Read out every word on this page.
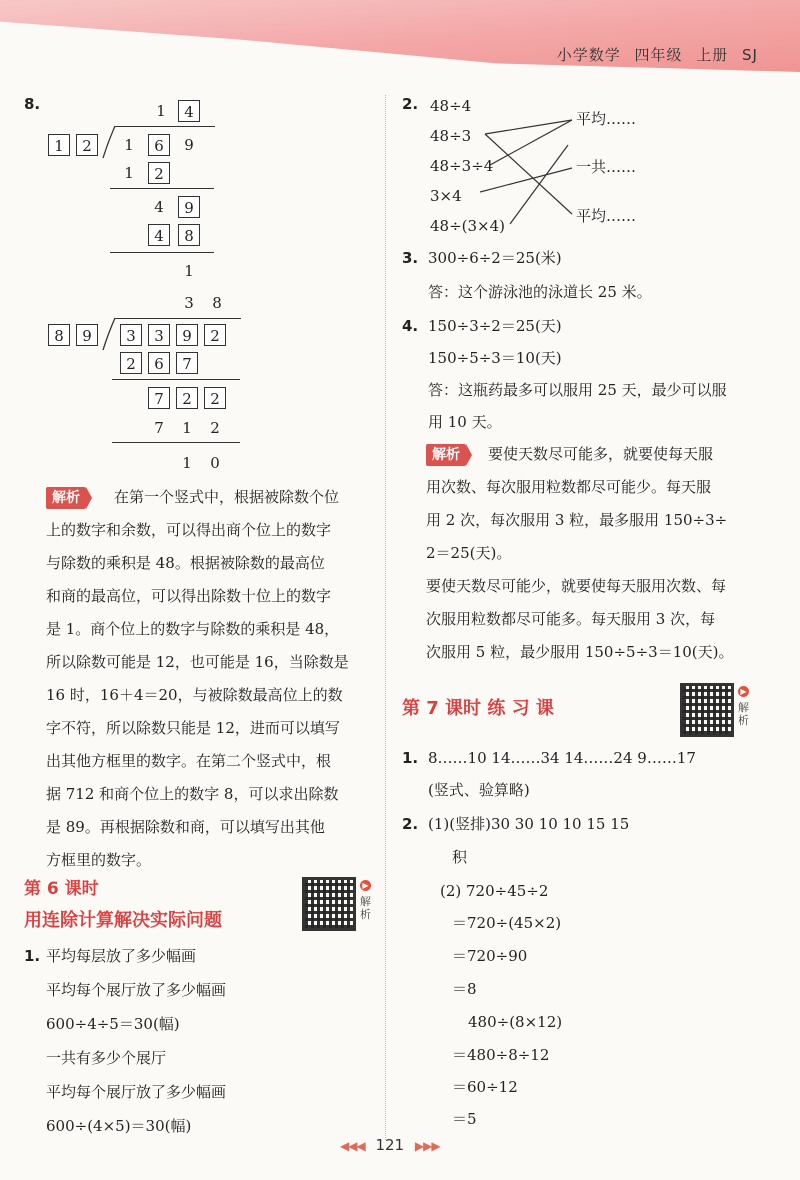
小学数学 四年级 上册 SJ
8.	1	4
1	2	1	6	9
1	2
4	9
4	8
1
3	8
8	9	3	3	9	2
2	6	7
7	2	2
7	1	2
1	0
解析	在第一个竖式中，根据被除数个位
上的数字和余数，可以得出商个位上的数字
与除数的乘积是 48。根据被除数的最高位
和商的最高位，可以得出除数十位上的数字
是 1。商个位上的数字与除数的乘积是 48，
所以除数可能是 12，也可能是 16，当除数是
16 时，16＋4＝20，与被除数最高位上的数
字不符，所以除数只能是 12，进而可以填写
出其他方框里的数字。在第二个竖式中，根
据 712 和商个位上的数字 8，可以求出除数
是 89。再根据除数和商，可以填写出其他
方框里的数字。
第 6 课时
用连除计算解决实际问题
▶
解析
1. 平均每层放了多少幅画
平均每个展厅放了多少幅画
600÷4÷5＝30(幅)
一共有多少个展厅
平均每个展厅放了多少幅画
600÷(4×5)＝30(幅)
2. 48÷4
48÷3
48÷3÷4
3×4
48÷(3×4)
平均……
一共……
平均……
3. 300÷6÷2＝25(米)
答：这个游泳池的泳道长 25 米。
4. 150÷3÷2＝25(天)
150÷5÷3＝10(天)
答：这瓶药最多可以服用 25 天，最少可以服
用 10 天。
解析	要使天数尽可能多，就要使每天服
用次数、每次服用粒数都尽可能少。每天服
用 2 次，每次服用 3 粒，最多服用 150÷3÷
2＝25(天)。
要使天数尽可能少，就要使每天服用次数、每
次服用粒数都尽可能多。每天服用 3 次，每
次服用 5 粒，最少服用 150÷5÷3＝10(天)。
第 7 课时 练 习 课
▶
解析
1. 8……10 14……34 14……24 9……17
(竖式、验算略)
2. (1)(竖排)30 30 10 10 15 15
积
(2) 720÷45÷2
＝720÷(45×2)
＝720÷90
＝8
480÷(8×12)
＝480÷8÷12
＝60÷12
＝5
◀◀◀ 121 ▶▶▶
